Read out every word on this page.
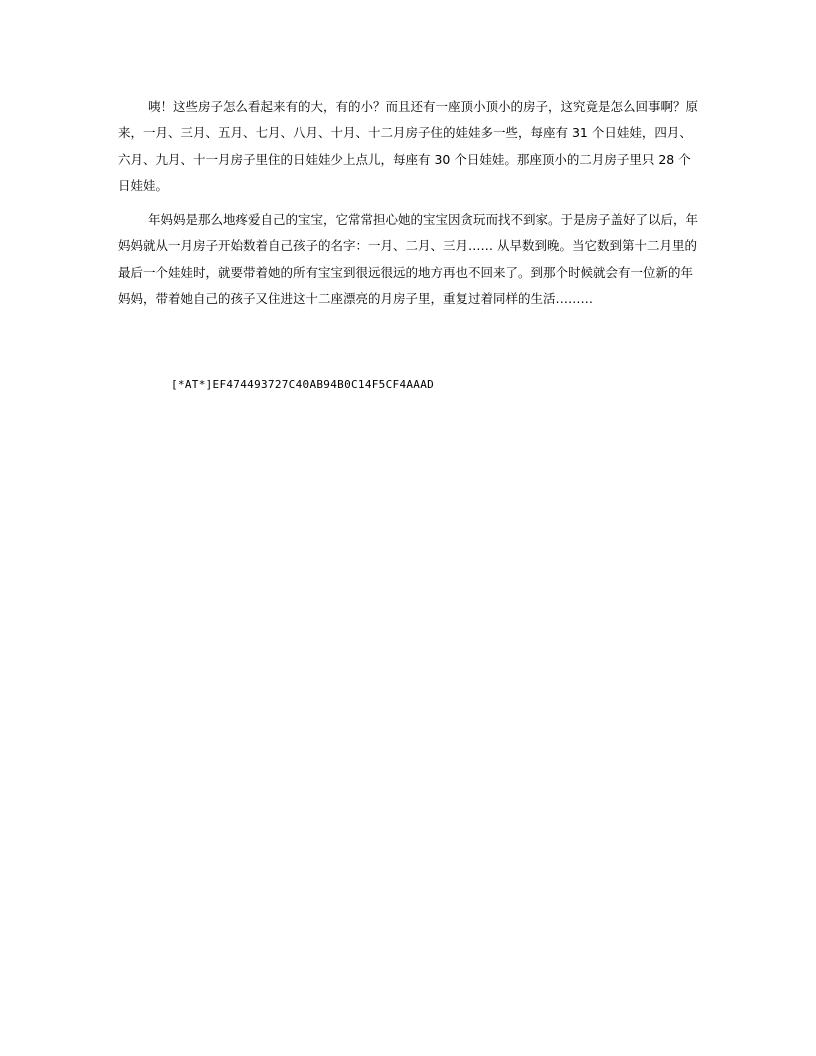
咦！这些房子怎么看起来有的大，有的小？而且还有一座顶小顶小的房子，这究竟是怎么回事啊？原来，一月、三月、五月、七月、八月、十月、十二月房子住的娃娃多一些，每座有 31 个日娃娃，四月、六月、九月、十一月房子里住的日娃娃少上点儿，每座有 30 个日娃娃。那座顶小的二月房子里只 28 个日娃娃。

年妈妈是那么地疼爱自己的宝宝，它常常担心她的宝宝因贪玩而找不到家。于是房子盖好了以后，年妈妈就从一月房子开始数着自己孩子的名字：一月、二月、三月…… 从早数到晚。当它数到第十二月里的最后一个娃娃时，就要带着她的所有宝宝到很远很远的地方再也不回来了。到那个时候就会有一位新的年妈妈，带着她自己的孩子又住进这十二座漂亮的月房子里，重复过着同样的生活………

[*AT*]EF474493727C40AB94B0C14F5CF4AAAD
